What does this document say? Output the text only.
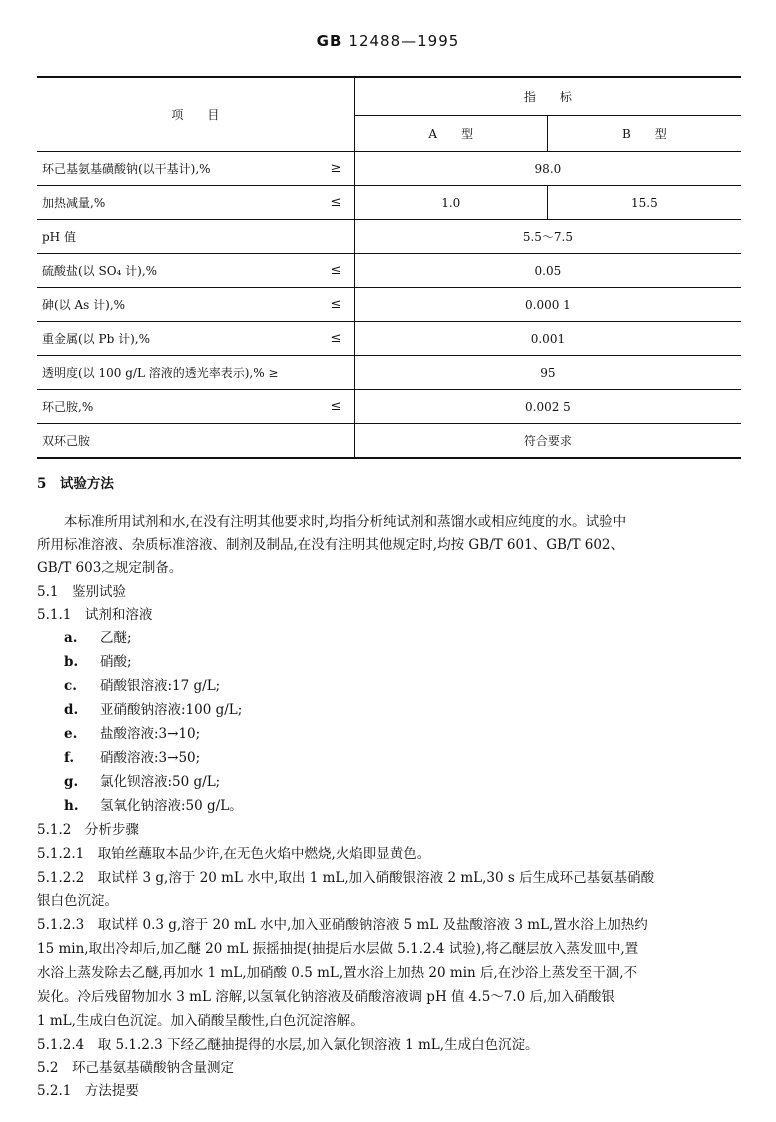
GB 12488—1995
项　　目		指　　标	
		A　　型	B　　型
环己基氨基磺酸钠(以干基计),%	≥	98.0	
加热减量,%	≤	1.0	15.5
pH 值		5.5～7.5	
硫酸盐(以 SO₄ 计),%	≤	0.05	
砷(以 As 计),%	≤	0.000 1	
重金属(以 Pb 计),%	≤	0.001	
透明度(以 100 g/L 溶液的透光率表示),% ≥		95	
环己胺,%	≤	0.002 5	
双环己胺		符合要求	
5　试验方法
本标准所用试剂和水,在没有注明其他要求时,均指分析纯试剂和蒸馏水或相应纯度的水。试验中
所用标准溶液、杂质标准溶液、制剂及制品,在没有注明其他规定时,均按 GB/T 601、GB/T 602、
GB/T 603之规定制备。
5.1　鉴别试验
5.1.1　试剂和溶液
a. 乙醚;
b. 硝酸;
c. 硝酸银溶液:17 g/L;
d. 亚硝酸钠溶液:100 g/L;
e. 盐酸溶液:3→10;
f. 硝酸溶液:3→50;
g. 氯化钡溶液:50 g/L;
h. 氢氧化钠溶液:50 g/L。
5.1.2　分析步骤
5.1.2.1　取铂丝蘸取本品少许,在无色火焰中燃烧,火焰即显黄色。
5.1.2.2　取试样 3 g,溶于 20 mL 水中,取出 1 mL,加入硝酸银溶液 2 mL,30 s 后生成环己基氨基硝酸
银白色沉淀。
5.1.2.3　取试样 0.3 g,溶于 20 mL 水中,加入亚硝酸钠溶液 5 mL 及盐酸溶液 3 mL,置水浴上加热约
15 min,取出冷却后,加乙醚 20 mL 振摇抽提(抽提后水层做 5.1.2.4 试验),将乙醚层放入蒸发皿中,置
水浴上蒸发除去乙醚,再加水 1 mL,加硝酸 0.5 mL,置水浴上加热 20 min 后,在沙浴上蒸发至干涸,不
炭化。冷后残留物加水 3 mL 溶解,以氢氧化钠溶液及硝酸溶液调 pH 值 4.5～7.0 后,加入硝酸银
1 mL,生成白色沉淀。加入硝酸呈酸性,白色沉淀溶解。
5.1.2.4　取 5.1.2.3 下经乙醚抽提得的水层,加入氯化钡溶液 1 mL,生成白色沉淀。
5.2　环己基氨基磺酸钠含量测定
5.2.1　方法提要
